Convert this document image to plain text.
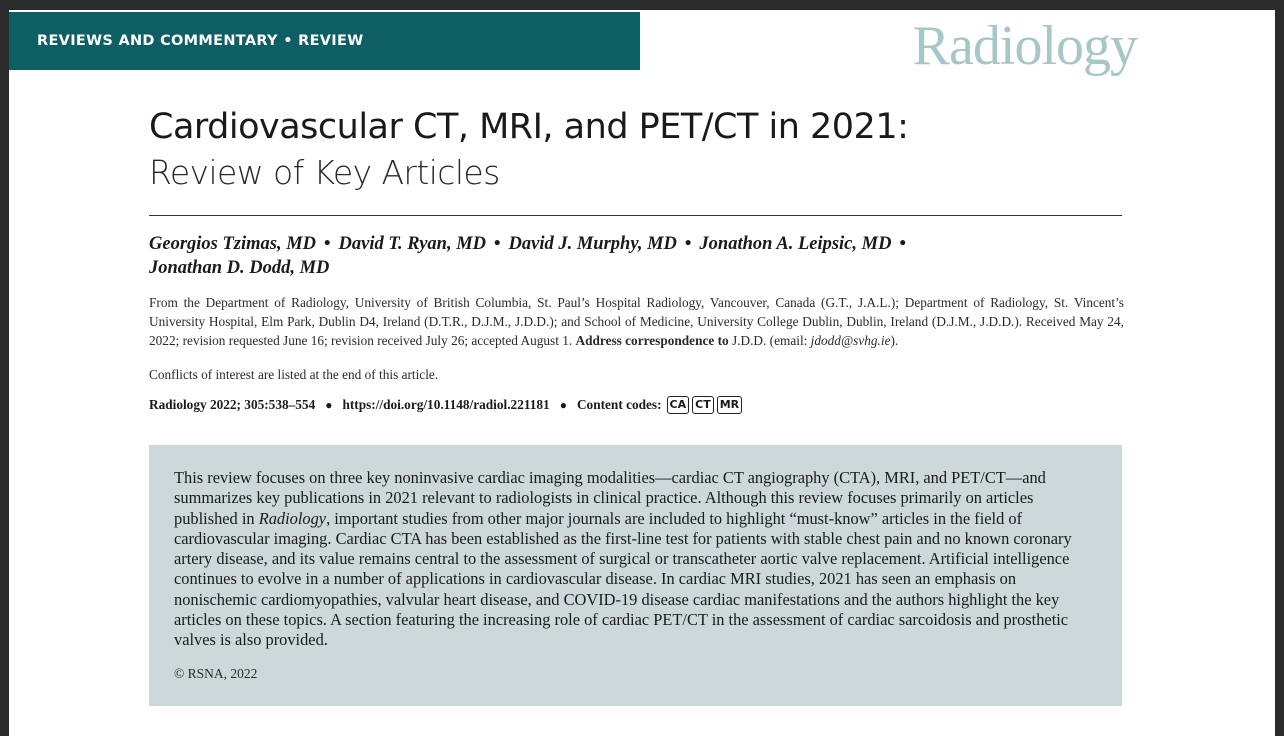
REVIEWS AND COMMENTARY • REVIEW	Radiology
Cardiovascular CT, MRI, and PET/CT in 2021:
Review of Key Articles
Georgios Tzimas, MD • David T. Ryan, MD • David J. Murphy, MD • Jonathon A. Leipsic, MD •
Jonathan D. Dodd, MD
From the Department of Radiology, University of British Columbia, St. Paul’s Hospital Radiology, Vancouver, Canada (G.T., J.A.L.); Department of Radiology, St. Vincent’s University Hospital, Elm Park, Dublin D4, Ireland (D.T.R., D.J.M., J.D.D.); and School of Medicine, University College Dublin, Dublin, Ireland (D.J.M., J.D.D.). Received May 24, 2022; revision requested June 16; revision received July 26; accepted August 1. Address correspondence to J.D.D. (email: jdodd@svhg.ie).
Conflicts of interest are listed at the end of this article.
Radiology 2022; 305:538–554 ● https://doi.org/10.1148/radiol.221181 ● Content codes: CA CT MR
This review focuses on three key noninvasive cardiac imaging modalities—cardiac CT angiography (CTA), MRI, and PET/CT—and summarizes key publications in 2021 relevant to radiologists in clinical practice. Although this review focuses primarily on articles published in Radiology, important studies from other major journals are included to highlight “must-know” articles in the field of cardiovascular imaging. Cardiac CTA has been established as the first-line test for patients with stable chest pain and no known coronary artery disease, and its value remains central to the assessment of surgical or transcatheter aortic valve replacement. Artificial intelligence continues to evolve in a number of applications in cardiovascular disease. In cardiac MRI studies, 2021 has seen an emphasis on nonischemic cardiomyopathies, valvular heart disease, and COVID-19 disease cardiac manifestations and the authors highlight the key articles on these topics. A section featuring the increasing role of cardiac PET/CT in the assessment of cardiac sarcoidosis and prosthetic valves is also provided.
© RSNA, 2022
